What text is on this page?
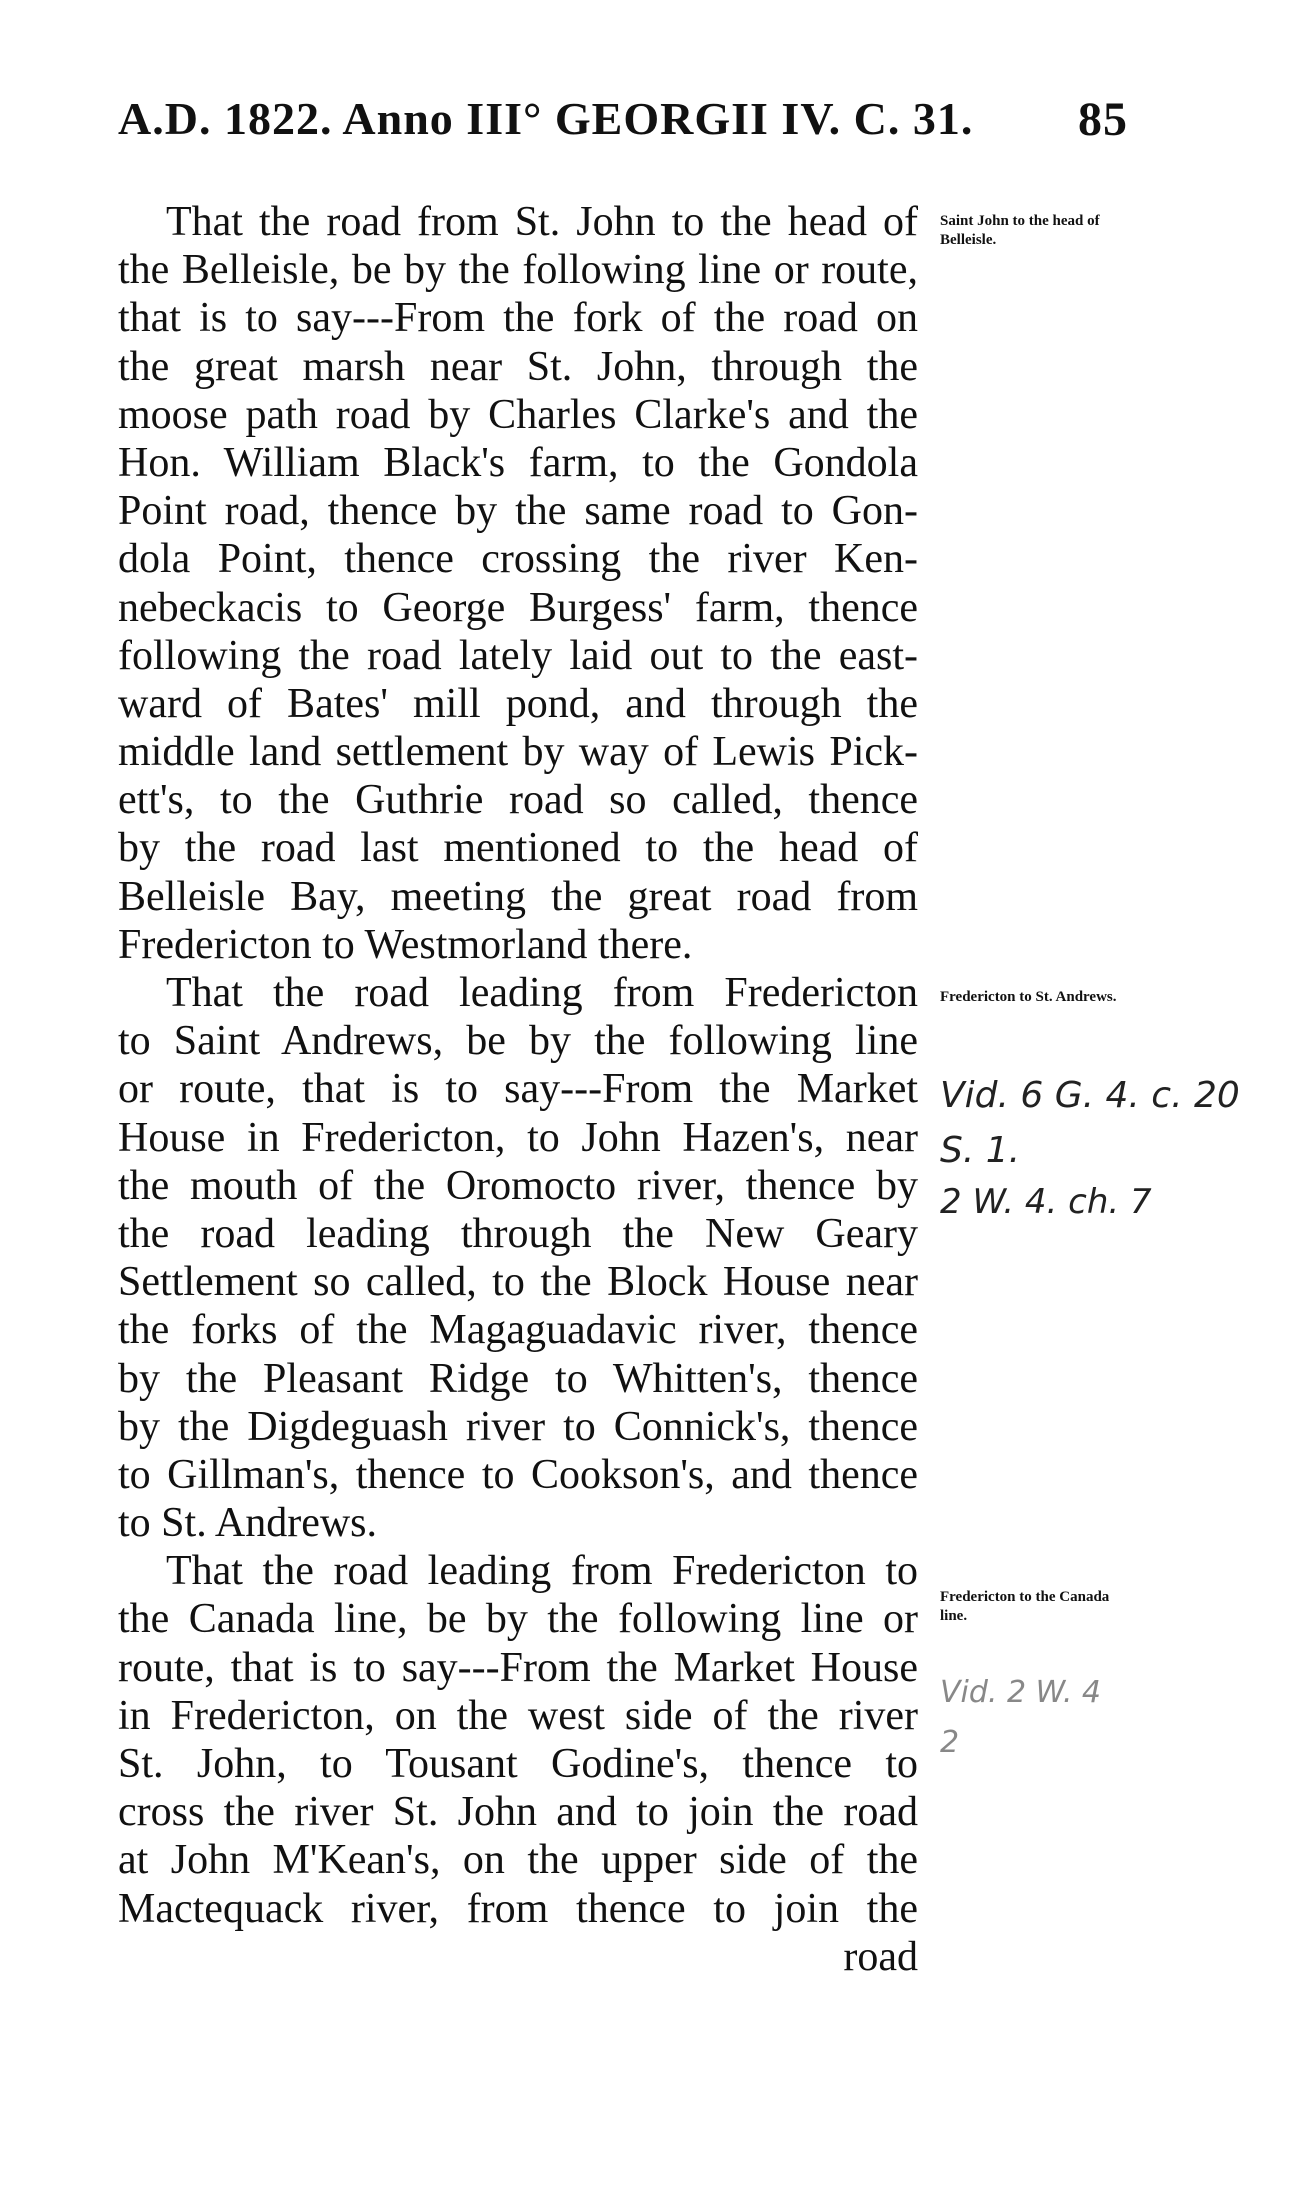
A.D. 1822. Anno III° GEORGII IV. C. 31. 85
That the road from St. John to the head of
the Belleisle, be by the following line or route,
that is to say---From the fork of the road on
the great marsh near St. John, through the
moose path road by Charles Clarke's and the
Hon. William Black's farm, to the Gondola
Point road, thence by the same road to Gon-
dola Point, thence crossing the river Ken-
nebeckacis to George Burgess' farm, thence
following the road lately laid out to the east-
ward of Bates' mill pond, and through the
middle land settlement by way of Lewis Pick-
ett's, to the Guthrie road so called, thence
by the road last mentioned to the head of
Belleisle Bay, meeting the great road from
Fredericton to Westmorland there.
That the road leading from Fredericton
to Saint Andrews, be by the following line
or route, that is to say---From the Market
House in Fredericton, to John Hazen's, near
the mouth of the Oromocto river, thence by
the road leading through the New Geary
Settlement so called, to the Block House near
the forks of the Magaguadavic river, thence
by the Pleasant Ridge to Whitten's, thence
by the Digdeguash river to Connick's, thence
to Gillman's, thence to Cookson's, and thence
to St. Andrews.
That the road leading from Fredericton to
the Canada line, be by the following line or
route, that is to say---From the Market House
in Fredericton, on the west side of the river
St. John, to Tousant Godine's, thence to
cross the river St. John and to join the road
at John M'Kean's, on the upper side of the
Mactequack river, from thence to join the
road
Saint John to the head of Belleisle.
Fredericton to St. Andrews.
Fredericton to the Canada line.
Vid. 6 G. 4. c. 20
S. 1.
2 W. 4. ch. 7
Vid. 2 W. 4
2
